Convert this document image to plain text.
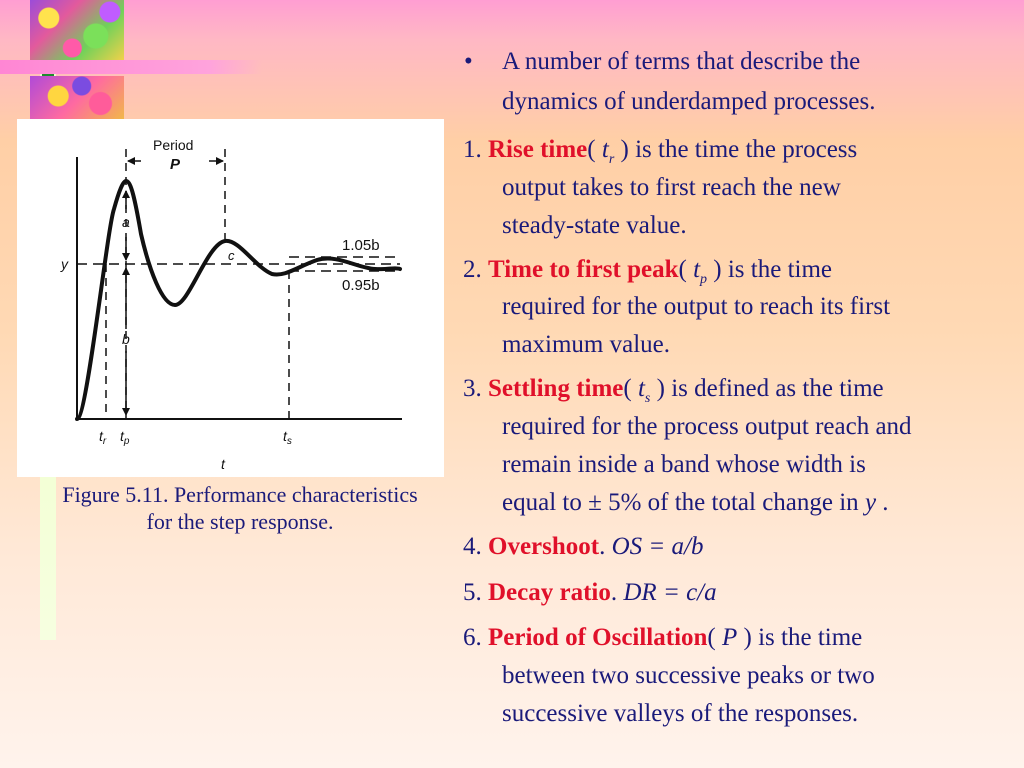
Period
P
a
b
c
y
1.05b
0.95b
$t_r$ $t_p$	$t_s$
t
Figure 5.11. Performance characteristics
for the step response.
• A number of terms that describe the
dynamics of underdamped processes.
1. Rise time( $t_r$ ) is the time the process
output takes to first reach the new
steady-state value.
2. Time to first peak( $t_p$ ) is the time
required for the output to reach its first
maximum value.
3. Settling time( $t_s$ ) is defined as the time
required for the process output reach and
remain inside a band whose width is
equal to ± 5% of the total change in y .
4. Overshoot. OS = a/b
5. Decay ratio. DR = c/a
6. Period of Oscillation( P ) is the time
between two successive peaks or two
successive valleys of the responses.
